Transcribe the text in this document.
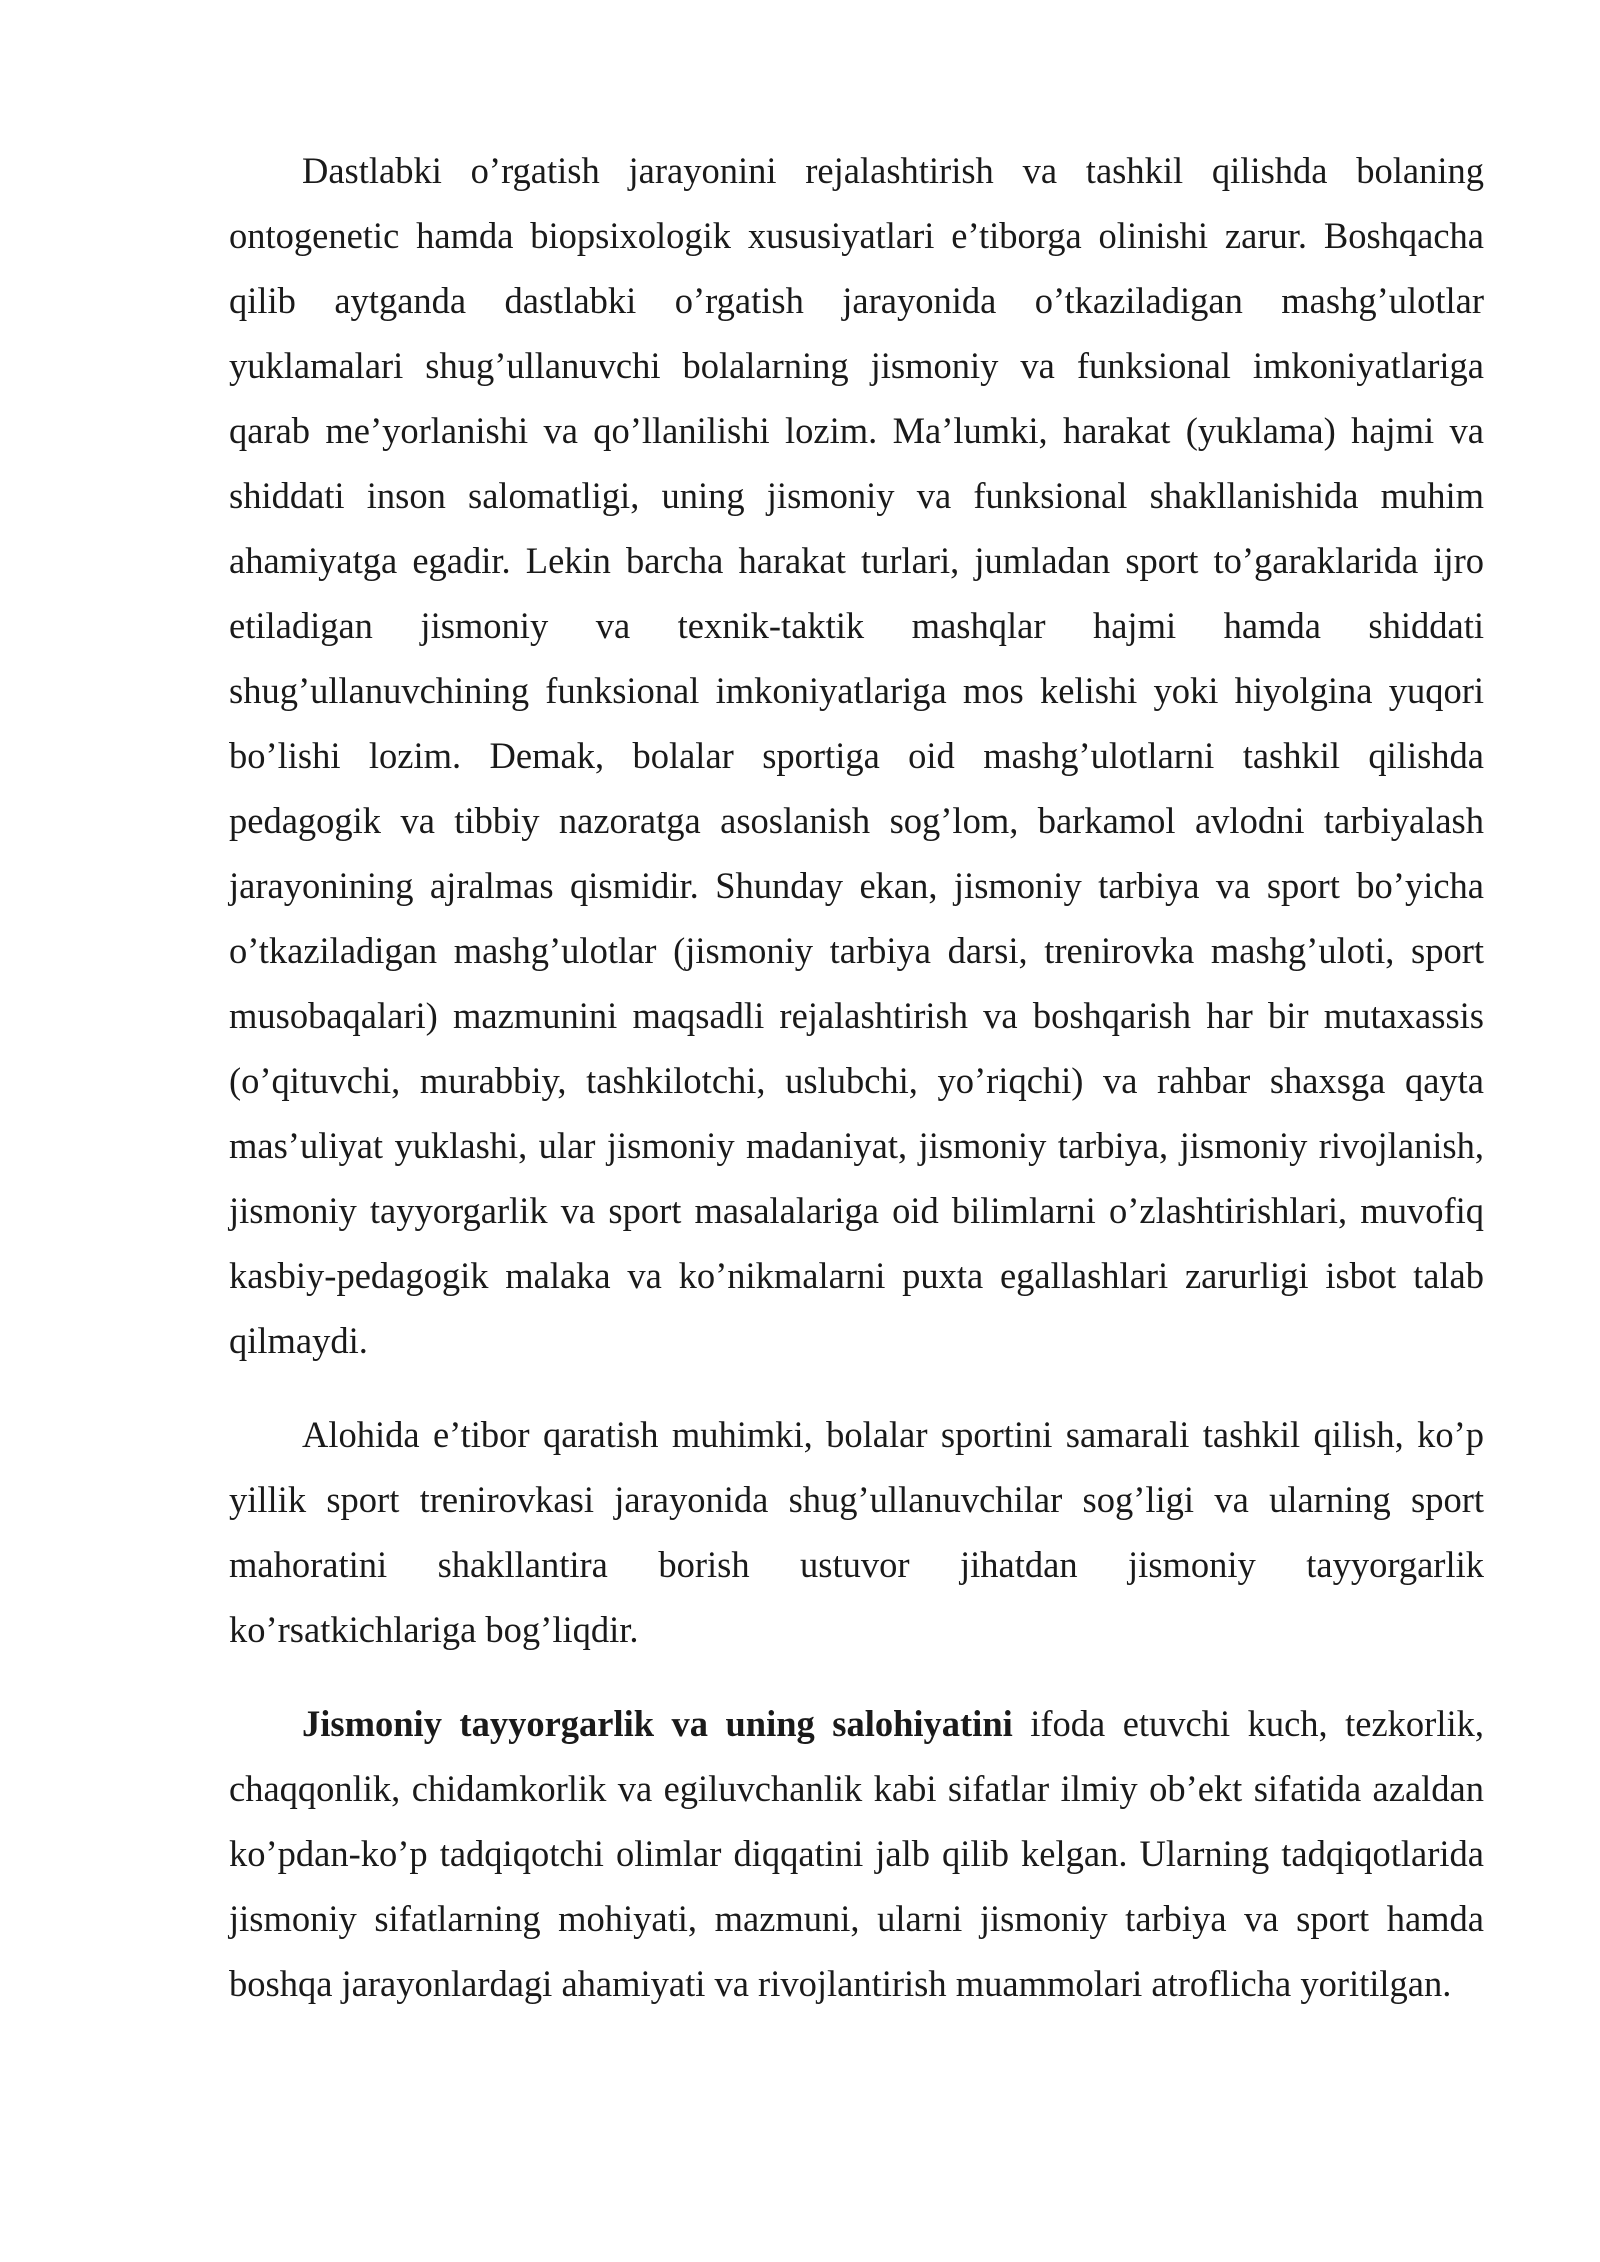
Dastlabki o’rgatish jarayonini rejalashtirish va tashkil qilishda bolaning ontogenetic hamda biopsixologik xususiyatlari e’tiborga olinishi zarur. Boshqacha qilib aytganda dastlabki o’rgatish jarayonida o’tkaziladigan mashg’ulotlar yuklamalari shug’ullanuvchi bolalarning jismoniy va funksional imkoniyatlariga qarab me’yorlanishi va qo’llanilishi lozim. Ma’lumki, harakat (yuklama) hajmi va shiddati inson salomatligi, uning jismoniy va funksional shakllanishida muhim ahamiyatga egadir. Lekin barcha harakat turlari, jumladan sport to’garaklarida ijro etiladigan jismoniy va texnik-taktik mashqlar hajmi hamda shiddati shug’ullanuvchining funksional imkoniyatlariga mos kelishi yoki hiyolgina yuqori bo’lishi lozim. Demak, bolalar sportiga oid mashg’ulotlarni tashkil qilishda pedagogik va tibbiy nazoratga asoslanish sog’lom, barkamol avlodni tarbiyalash jarayonining ajralmas qismidir. Shunday ekan, jismoniy tarbiya va sport bo’yicha o’tkaziladigan mashg’ulotlar (jismoniy tarbiya darsi, trenirovka mashg’uloti, sport musobaqalari) mazmunini maqsadli rejalashtirish va boshqarish har bir mutaxassis (o’qituvchi, murabbiy, tashkilotchi, uslubchi, yo’riqchi) va rahbar shaxsga qayta mas’uliyat yuklashi, ular jismoniy madaniyat, jismoniy tarbiya, jismoniy rivojlanish, jismoniy tayyorgarlik va sport masalalariga oid bilimlarni o’zlashtirishlari, muvofiq kasbiy-pedagogik malaka va ko’nikmalarni puxta egallashlari zarurligi isbot talab qilmaydi.

Alohida e’tibor qaratish muhimki, bolalar sportini samarali tashkil qilish, ko’p yillik sport trenirovkasi jarayonida shug’ullanuvchilar sog’ligi va ularning sport mahoratini shakllantira borish ustuvor jihatdan jismoniy tayyorgarlik ko’rsatkichlariga bog’liqdir.

Jismoniy tayyorgarlik va uning salohiyatini ifoda etuvchi kuch, tezkorlik, chaqqonlik, chidamkorlik va egiluvchanlik kabi sifatlar ilmiy ob’ekt sifatida azaldan ko’pdan-ko’p tadqiqotchi olimlar diqqatini jalb qilib kelgan. Ularning tadqiqotlarida jismoniy sifatlarning mohiyati, mazmuni, ularni jismoniy tarbiya va sport hamda boshqa jarayonlardagi ahamiyati va rivojlantirish muammolari atroflicha yoritilgan.
